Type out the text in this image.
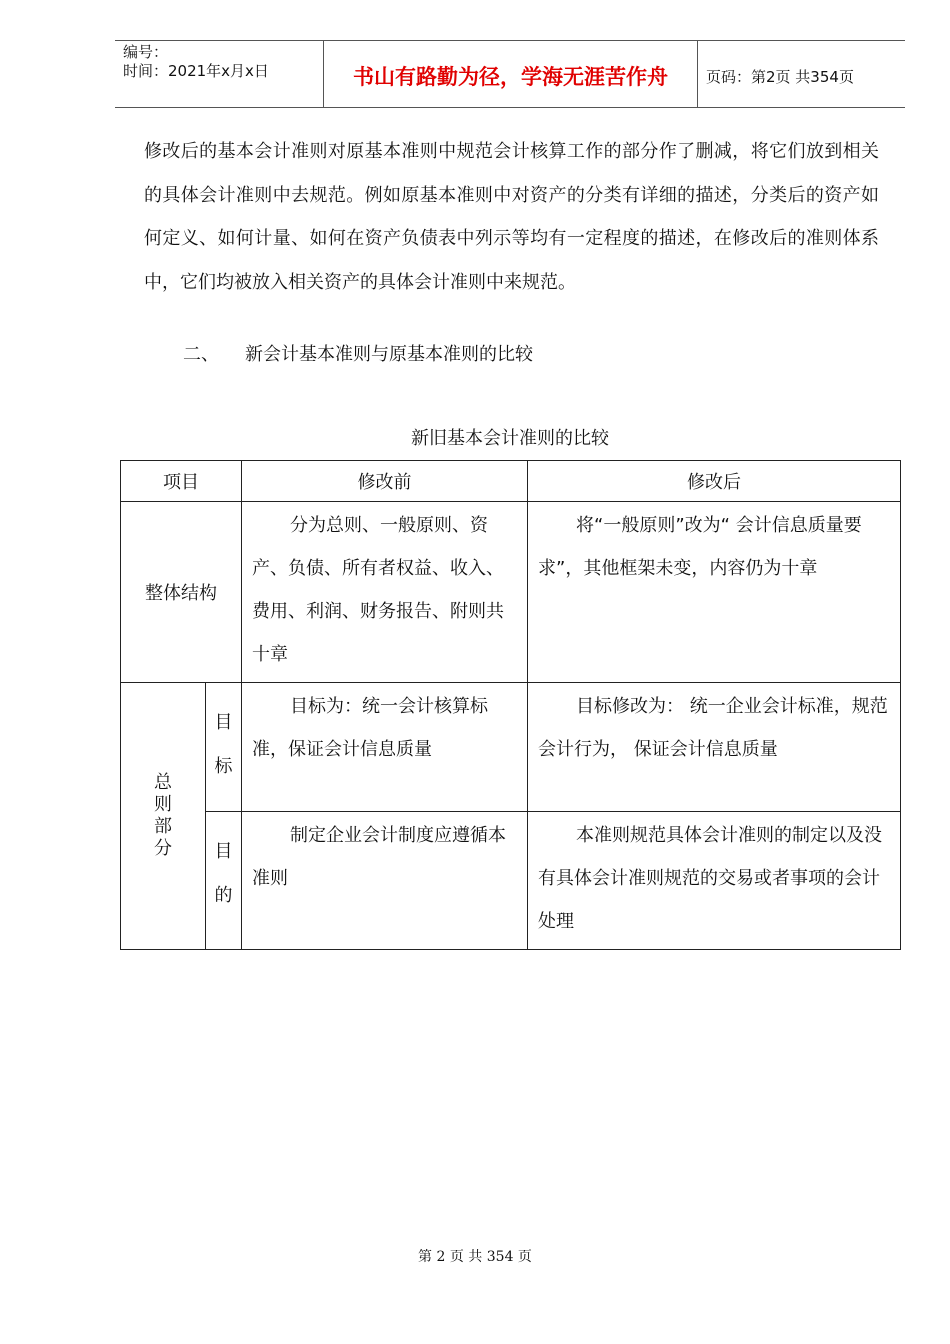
编号：
时间：2021年x月x日	书山有路勤为径，学海无涯苦作舟	页码：第2页 共354页

修改后的基本会计准则对原基本准则中规范会计核算工作的部分作了删减，将它们放到相关的具体会计准则中去规范。例如原基本准则中对资产的分类有详细的描述，分类后的资产如何定义、如何计量、如何在资产负债表中列示等均有一定程度的描述，在修改后的准则体系中，它们均被放入相关资产的具体会计准则中来规范。

二、 新会计基本准则与原基本准则的比较

新旧基本会计准则的比较

项目		修改前	修改后
整体结构		分为总则、一般原则、资产、负债、所有者权益、收入、费用、利润、财务报告、附则共十章	将“一般原则”改为“ 会计信息质量要求”，其他框架未变，内容仍为十章

总则部分	目标	目标为：统一会计核算标准，保证会计信息质量	目标修改为： 统一企业会计标准，规范会计行为， 保证会计信息质量

	目的	制定企业会计制度应遵循本准则	本准则规范具体会计准则的制定以及没有具体会计准则规范的交易或者事项的会计处理
第 2 页 共 354 页
